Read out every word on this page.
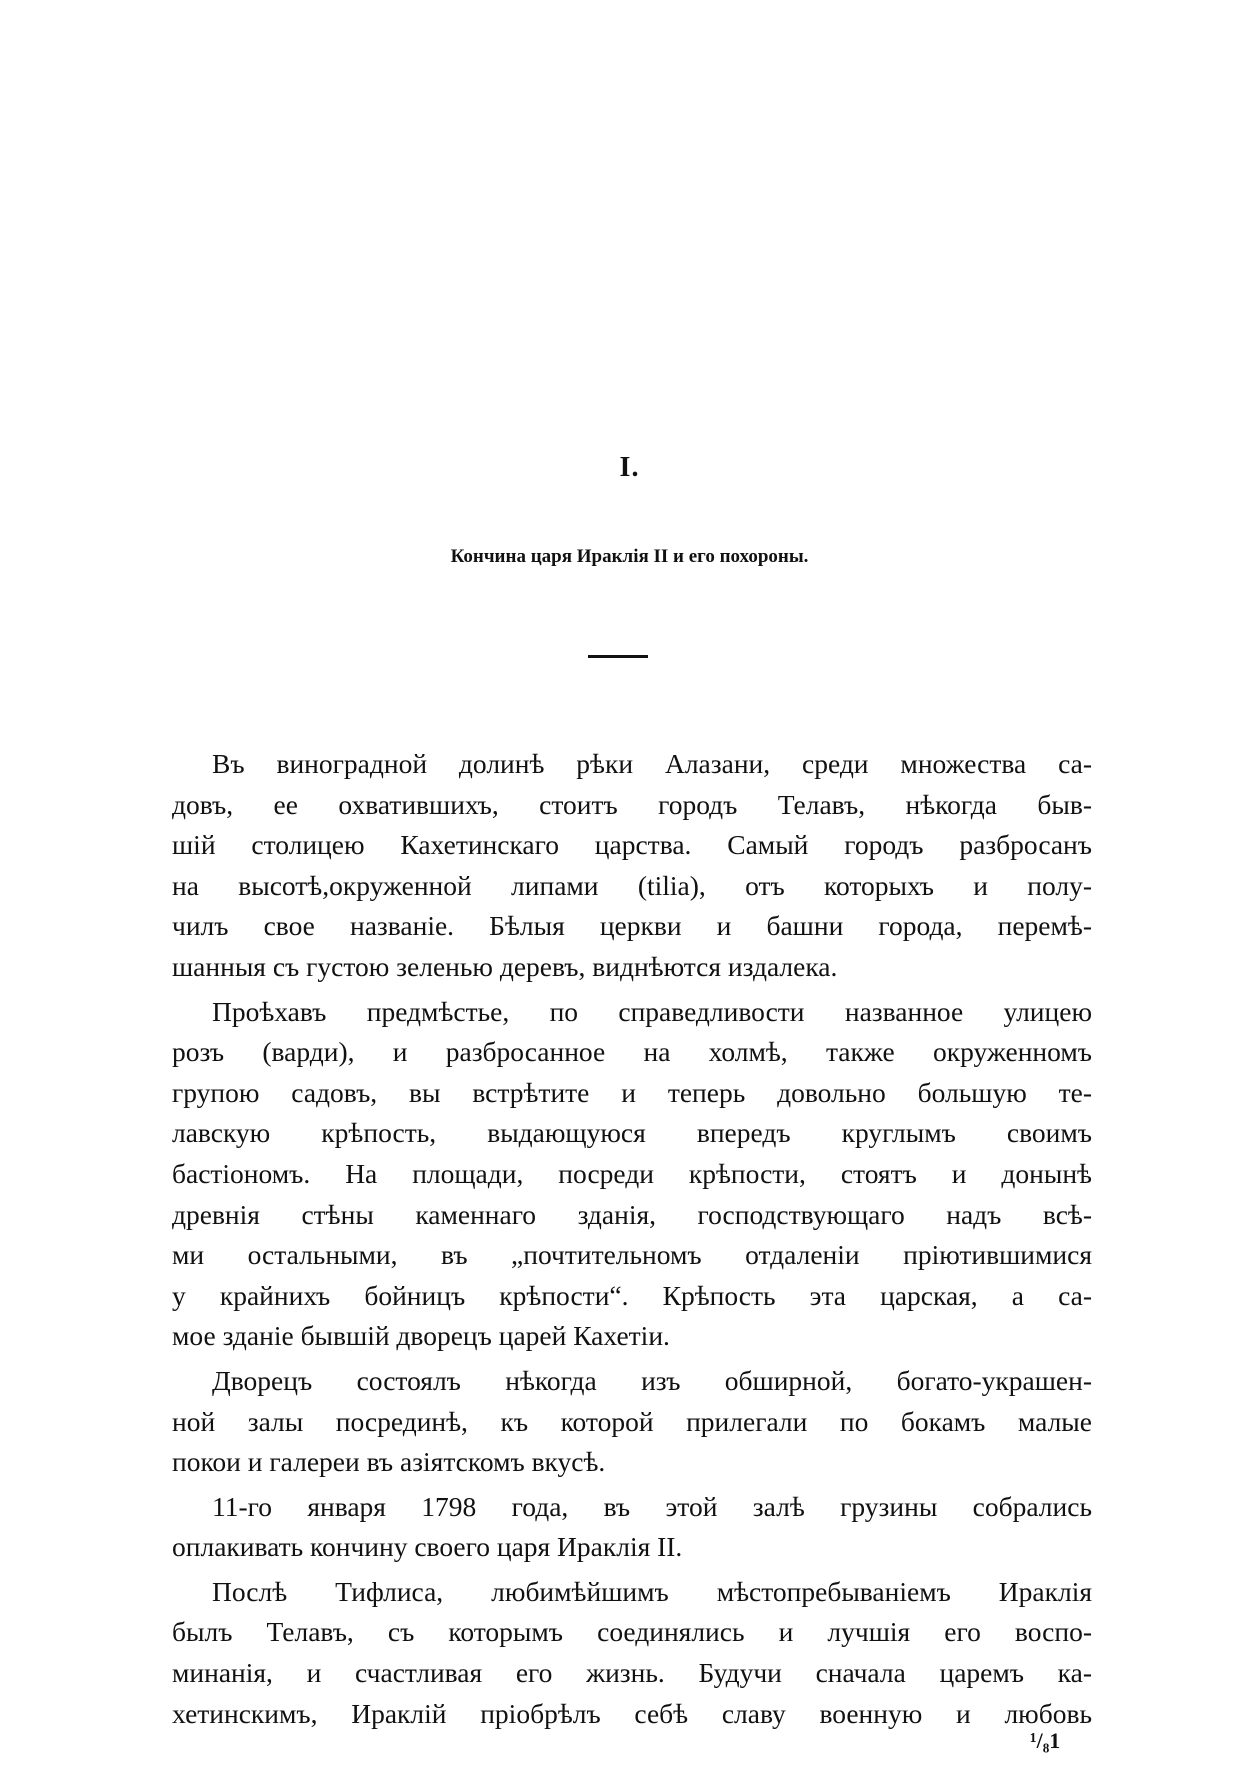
I.
Кончина царя Ираклія II и его похороны.
Въ виноградной долинѣ рѣки Алазани, среди множества са-
довъ, ее охватившихъ, стоитъ городъ Телавъ, нѣкогда быв-
шій столицею Кахетинскаго царства. Самый городъ разбросанъ
на высотѣ,окруженной липами (tilia), отъ которыхъ и полу-
чилъ свое названіе. Бѣлыя церкви и башни города, перемѣ-
шанныя съ густою зеленью деревъ, виднѣются издалека.
Проѣхавъ предмѣстье, по справедливости названное улицею
розъ (варди), и разбросанное на холмѣ, также окруженномъ
групою садовъ, вы встрѣтите и теперь довольно большую те-
лавскую крѣпость, выдающуюся впередъ круглымъ своимъ
бастіономъ. На площади, посреди крѣпости, стоятъ и донынѣ
древнія стѣны каменнаго зданія, господствующаго надъ всѣ-
ми остальными, въ „почтительномъ отдаленіи пріютившимися
у крайнихъ бойницъ крѣпости“. Крѣпость эта царская, а са-
мое зданіе бывшій дворецъ царей Кахетіи.
Дворецъ состоялъ нѣкогда изъ обширной, богато-украшен-
ной залы посрединѣ, къ которой прилегали по бокамъ малые
покои и галереи въ азіятскомъ вкусѣ.
11-го января 1798 года, въ этой залѣ грузины собрались
оплакивать кончину своего царя Ираклія II.
Послѣ Тифлиса, любимѣйшимъ мѣстопребываніемъ Ираклія
былъ Телавъ, съ которымъ соединялись и лучшія его воспо-
минанія, и счастливая его жизнь. Будучи сначала царемъ ка-
хетинскимъ, Ираклій пріобрѣлъ себѣ славу военную и любовь
¹/₈1
